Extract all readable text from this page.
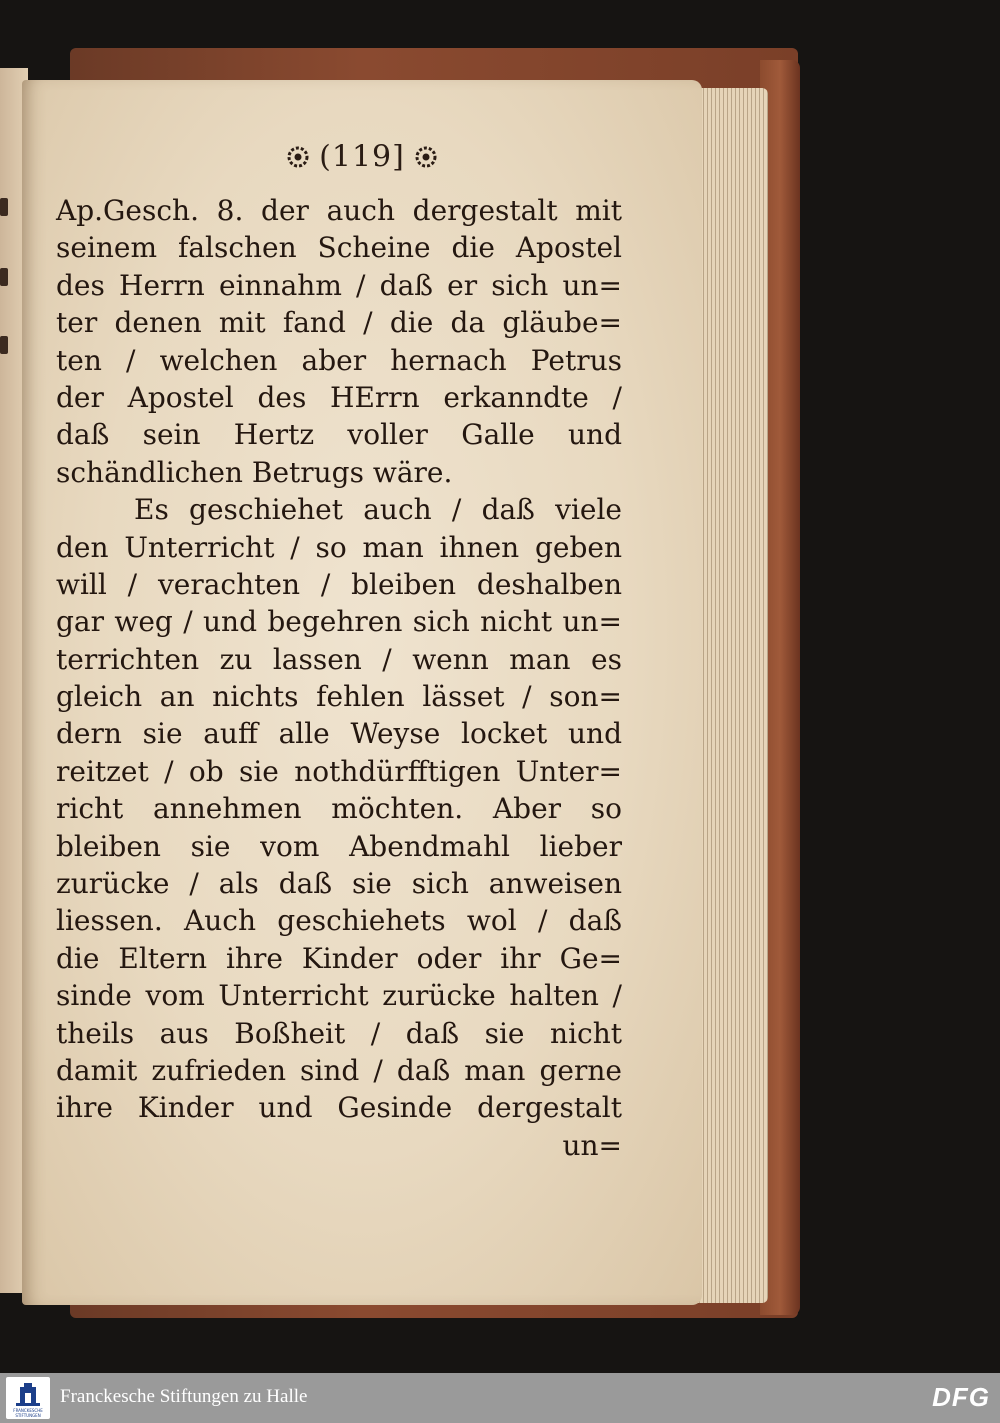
(119]
Ap.Gesch. 8. der auch dergestalt mit
seinem falschen Scheine die Apostel
des Herrn einnahm / daß er sich un=
ter denen mit fand / die da gläube=
ten / welchen aber hernach Petrus
der Apostel des HErrn erkanndte /
daß sein Hertz voller Galle und
schändlichen Betrugs wäre.
Es geschiehet auch / daß viele
den Unterricht / so man ihnen geben
will / verachten / bleiben deshalben
gar weg / und begehren sich nicht un=
terrichten zu lassen / wenn man es
gleich an nichts fehlen lässet / son=
dern sie auff alle Weyse locket und
reitzet / ob sie nothdürfftigen Unter=
richt annehmen möchten. Aber so
bleiben sie vom Abendmahl lieber
zurücke / als daß sie sich anweisen
liessen. Auch geschiehets wol / daß
die Eltern ihre Kinder oder ihr Ge=
sinde vom Unterricht zurücke halten /
theils aus Boßheit / daß sie nicht
damit zufrieden sind / daß man gerne
ihre Kinder und Gesinde dergestalt
un=
FRANCKESCHE STIFTUNGEN
Franckesche Stiftungen zu Halle	DFG
